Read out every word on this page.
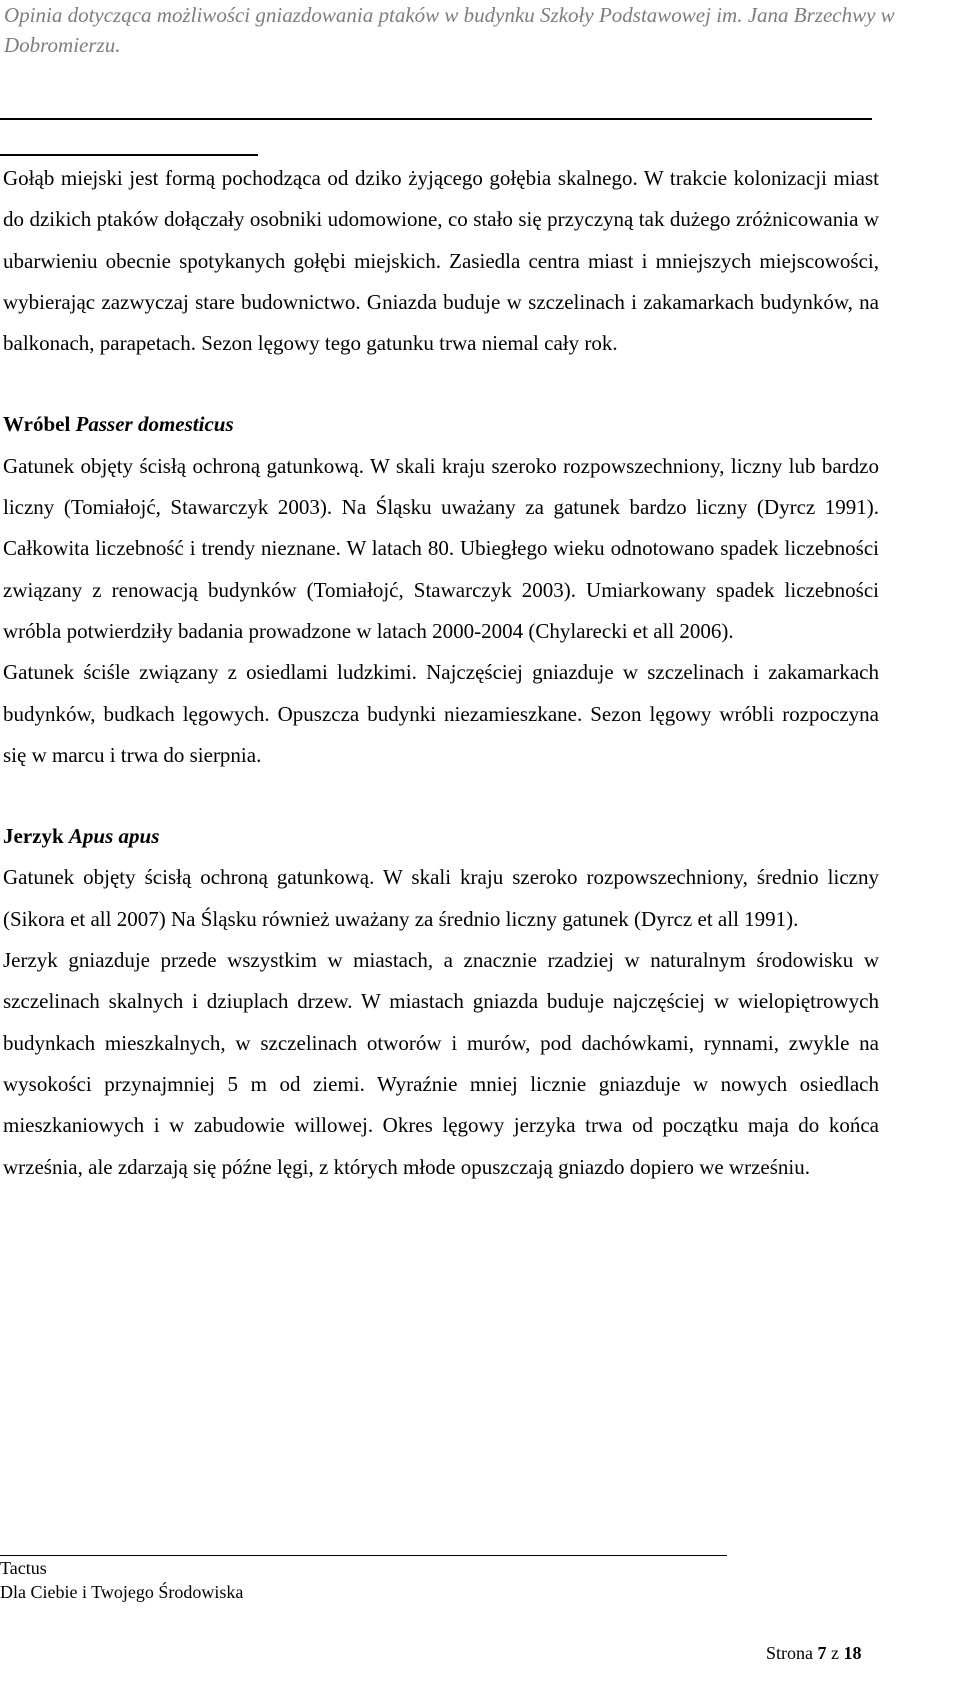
Opinia dotycząca możliwości gniazdowania ptaków w budynku Szkoły Podstawowej im. Jana Brzechwy w Dobromierzu.

Gołąb miejski jest formą pochodząca od dziko żyjącego gołębia skalnego. W trakcie kolonizacji miast do dzikich ptaków dołączały osobniki udomowione, co stało się przyczyną tak dużego zróżnicowania w ubarwieniu obecnie spotykanych gołębi miejskich. Zasiedla centra miast i mniejszych miejscowości, wybierając zazwyczaj stare budownictwo. Gniazda buduje w szczelinach i zakamarkach budynków, na balkonach, parapetach. Sezon lęgowy tego gatunku trwa niemal cały rok.

Wróbel Passer domesticus

Gatunek objęty ścisłą ochroną gatunkową. W skali kraju szeroko rozpowszechniony, liczny lub bardzo liczny (Tomiałojć, Stawarczyk 2003). Na Śląsku uważany za gatunek bardzo liczny (Dyrcz 1991). Całkowita liczebność i trendy nieznane. W latach 80. Ubiegłego wieku odnotowano spadek liczebności związany z renowacją budynków (Tomiałojć, Stawarczyk 2003). Umiarkowany spadek liczebności wróbla potwierdziły badania prowadzone w latach 2000-2004 (Chylarecki et all 2006).

Gatunek ściśle związany z osiedlami ludzkimi. Najczęściej gniazduje w szczelinach i zakamarkach budynków, budkach lęgowych. Opuszcza budynki niezamieszkane. Sezon lęgowy wróbli rozpoczyna się w marcu i trwa do sierpnia.

Jerzyk Apus apus

Gatunek objęty ścisłą ochroną gatunkową. W skali kraju szeroko rozpowszechniony, średnio liczny (Sikora et all 2007) Na Śląsku również uważany za średnio liczny gatunek (Dyrcz et all 1991).

Jerzyk gniazduje przede wszystkim w miastach, a znacznie rzadziej w naturalnym środowisku w szczelinach skalnych i dziuplach drzew. W miastach gniazda buduje najczęściej w wielopiętrowych budynkach mieszkalnych, w szczelinach otworów i murów, pod dachówkami, rynnami, zwykle na wysokości przynajmniej 5 m od ziemi. Wyraźnie mniej licznie gniazduje w nowych osiedlach mieszkaniowych i w zabudowie willowej. Okres lęgowy jerzyka trwa od początku maja do końca września, ale zdarzają się późne lęgi, z których młode opuszczają gniazdo dopiero we wrześniu.

Tactus
Dla Ciebie i Twojego Środowiska
Strona 7 z 18
